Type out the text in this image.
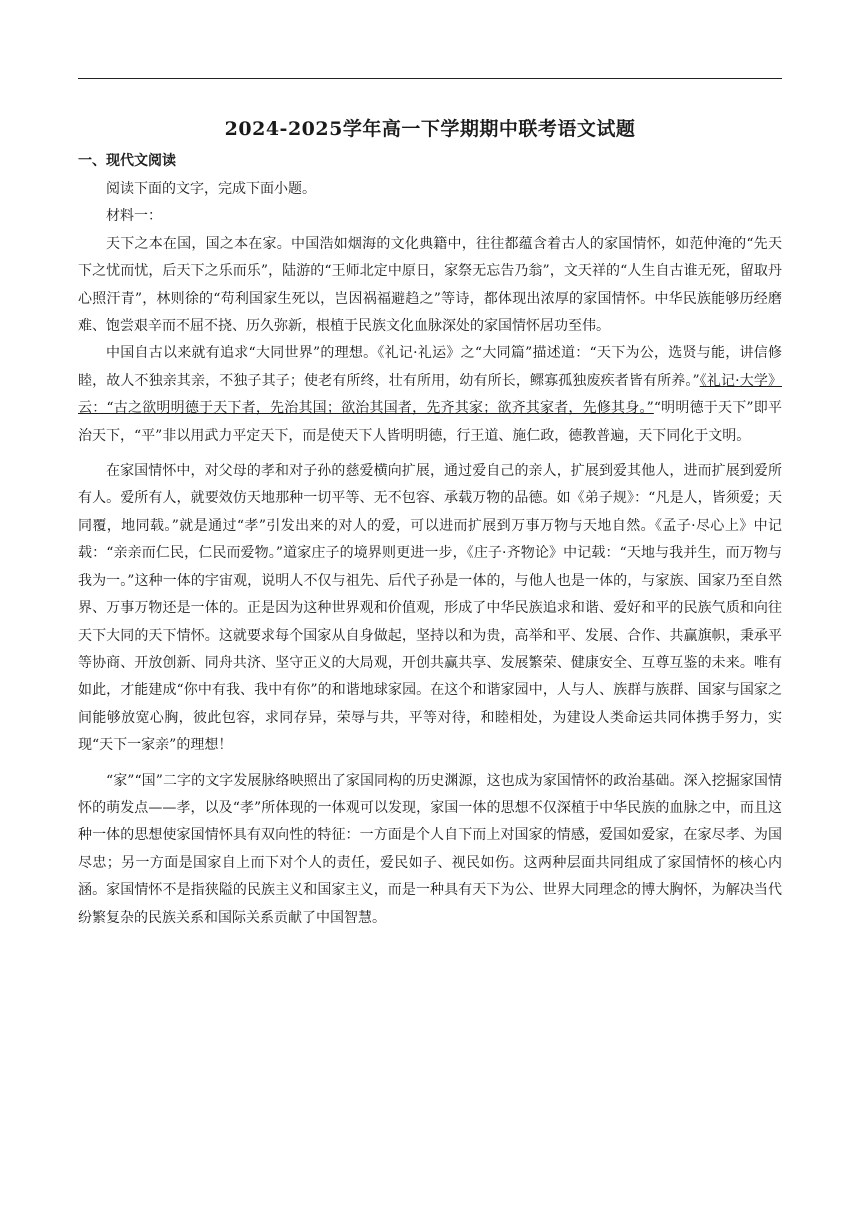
2024-2025学年高一下学期期中联考语文试题
一、现代文阅读

阅读下面的文字，完成下面小题。

材料一：

天下之本在国，国之本在家。中国浩如烟海的文化典籍中，往往都蕴含着古人的家国情怀，如范仲淹的“先天下之忧而忧，后天下之乐而乐”，陆游的“王师北定中原日，家祭无忘告乃翁”，文天祥的“人生自古谁无死，留取丹心照汗青”，林则徐的“苟利国家生死以，岂因祸福避趋之”等诗，都体现出浓厚的家国情怀。中华民族能够历经磨难、饱尝艰辛而不屈不挠、历久弥新，根植于民族文化血脉深处的家国情怀居功至伟。

中国自古以来就有追求“大同世界”的理想。《礼记·礼运》之“大同篇”描述道：“天下为公，选贤与能，讲信修睦，故人不独亲其亲，不独子其子；使老有所终，壮有所用，幼有所长，鳏寡孤独废疾者皆有所养。”《礼记·大学》云：“古之欲明明德于天下者，先治其国；欲治其国者，先齐其家；欲齐其家者，先修其身。”“明明德于天下”即平治天下，“平”非以用武力平定天下，而是使天下人皆明明德，行王道、施仁政，德教普遍，天下同化于文明。

在家国情怀中，对父母的孝和对子孙的慈爱横向扩展，通过爱自己的亲人，扩展到爱其他人，进而扩展到爱所有人。爱所有人，就要效仿天地那种一切平等、无不包容、承载万物的品德。如《弟子规》：“凡是人，皆须爱；天同覆，地同载。”就是通过“孝”引发出来的对人的爱，可以进而扩展到万事万物与天地自然。《孟子·尽心上》中记载：“亲亲而仁民，仁民而爱物。”道家庄子的境界则更进一步，《庄子·齐物论》中记载：“天地与我并生，而万物与我为一。”这种一体的宇宙观，说明人不仅与祖先、后代子孙是一体的，与他人也是一体的，与家族、国家乃至自然界、万事万物还是一体的。正是因为这种世界观和价值观，形成了中华民族追求和谐、爱好和平的民族气质和向往天下大同的天下情怀。这就要求每个国家从自身做起，坚持以和为贵，高举和平、发展、合作、共赢旗帜，秉承平等协商、开放创新、同舟共济、坚守正义的大局观，开创共赢共享、发展繁荣、健康安全、互尊互鉴的未来。唯有如此，才能建成“你中有我、我中有你”的和谐地球家园。在这个和谐家园中，人与人、族群与族群、国家与国家之间能够放宽心胸，彼此包容，求同存异，荣辱与共，平等对待，和睦相处，为建设人类命运共同体携手努力，实现“天下一家亲”的理想！

“家”“国”二字的文字发展脉络映照出了家国同构的历史渊源，这也成为家国情怀的政治基础。深入挖掘家国情怀的萌发点——孝，以及“孝”所体现的一体观可以发现，家国一体的思想不仅深植于中华民族的血脉之中，而且这种一体的思想使家国情怀具有双向性的特征：一方面是个人自下而上对国家的情感，爱国如爱家，在家尽孝、为国尽忠；另一方面是国家自上而下对个人的责任，爱民如子、视民如伤。这两种层面共同组成了家国情怀的核心内涵。家国情怀不是指狭隘的民族主义和国家主义，而是一种具有天下为公、世界大同理念的博大胸怀，为解决当代纷繁复杂的民族关系和国际关系贡献了中国智慧。
